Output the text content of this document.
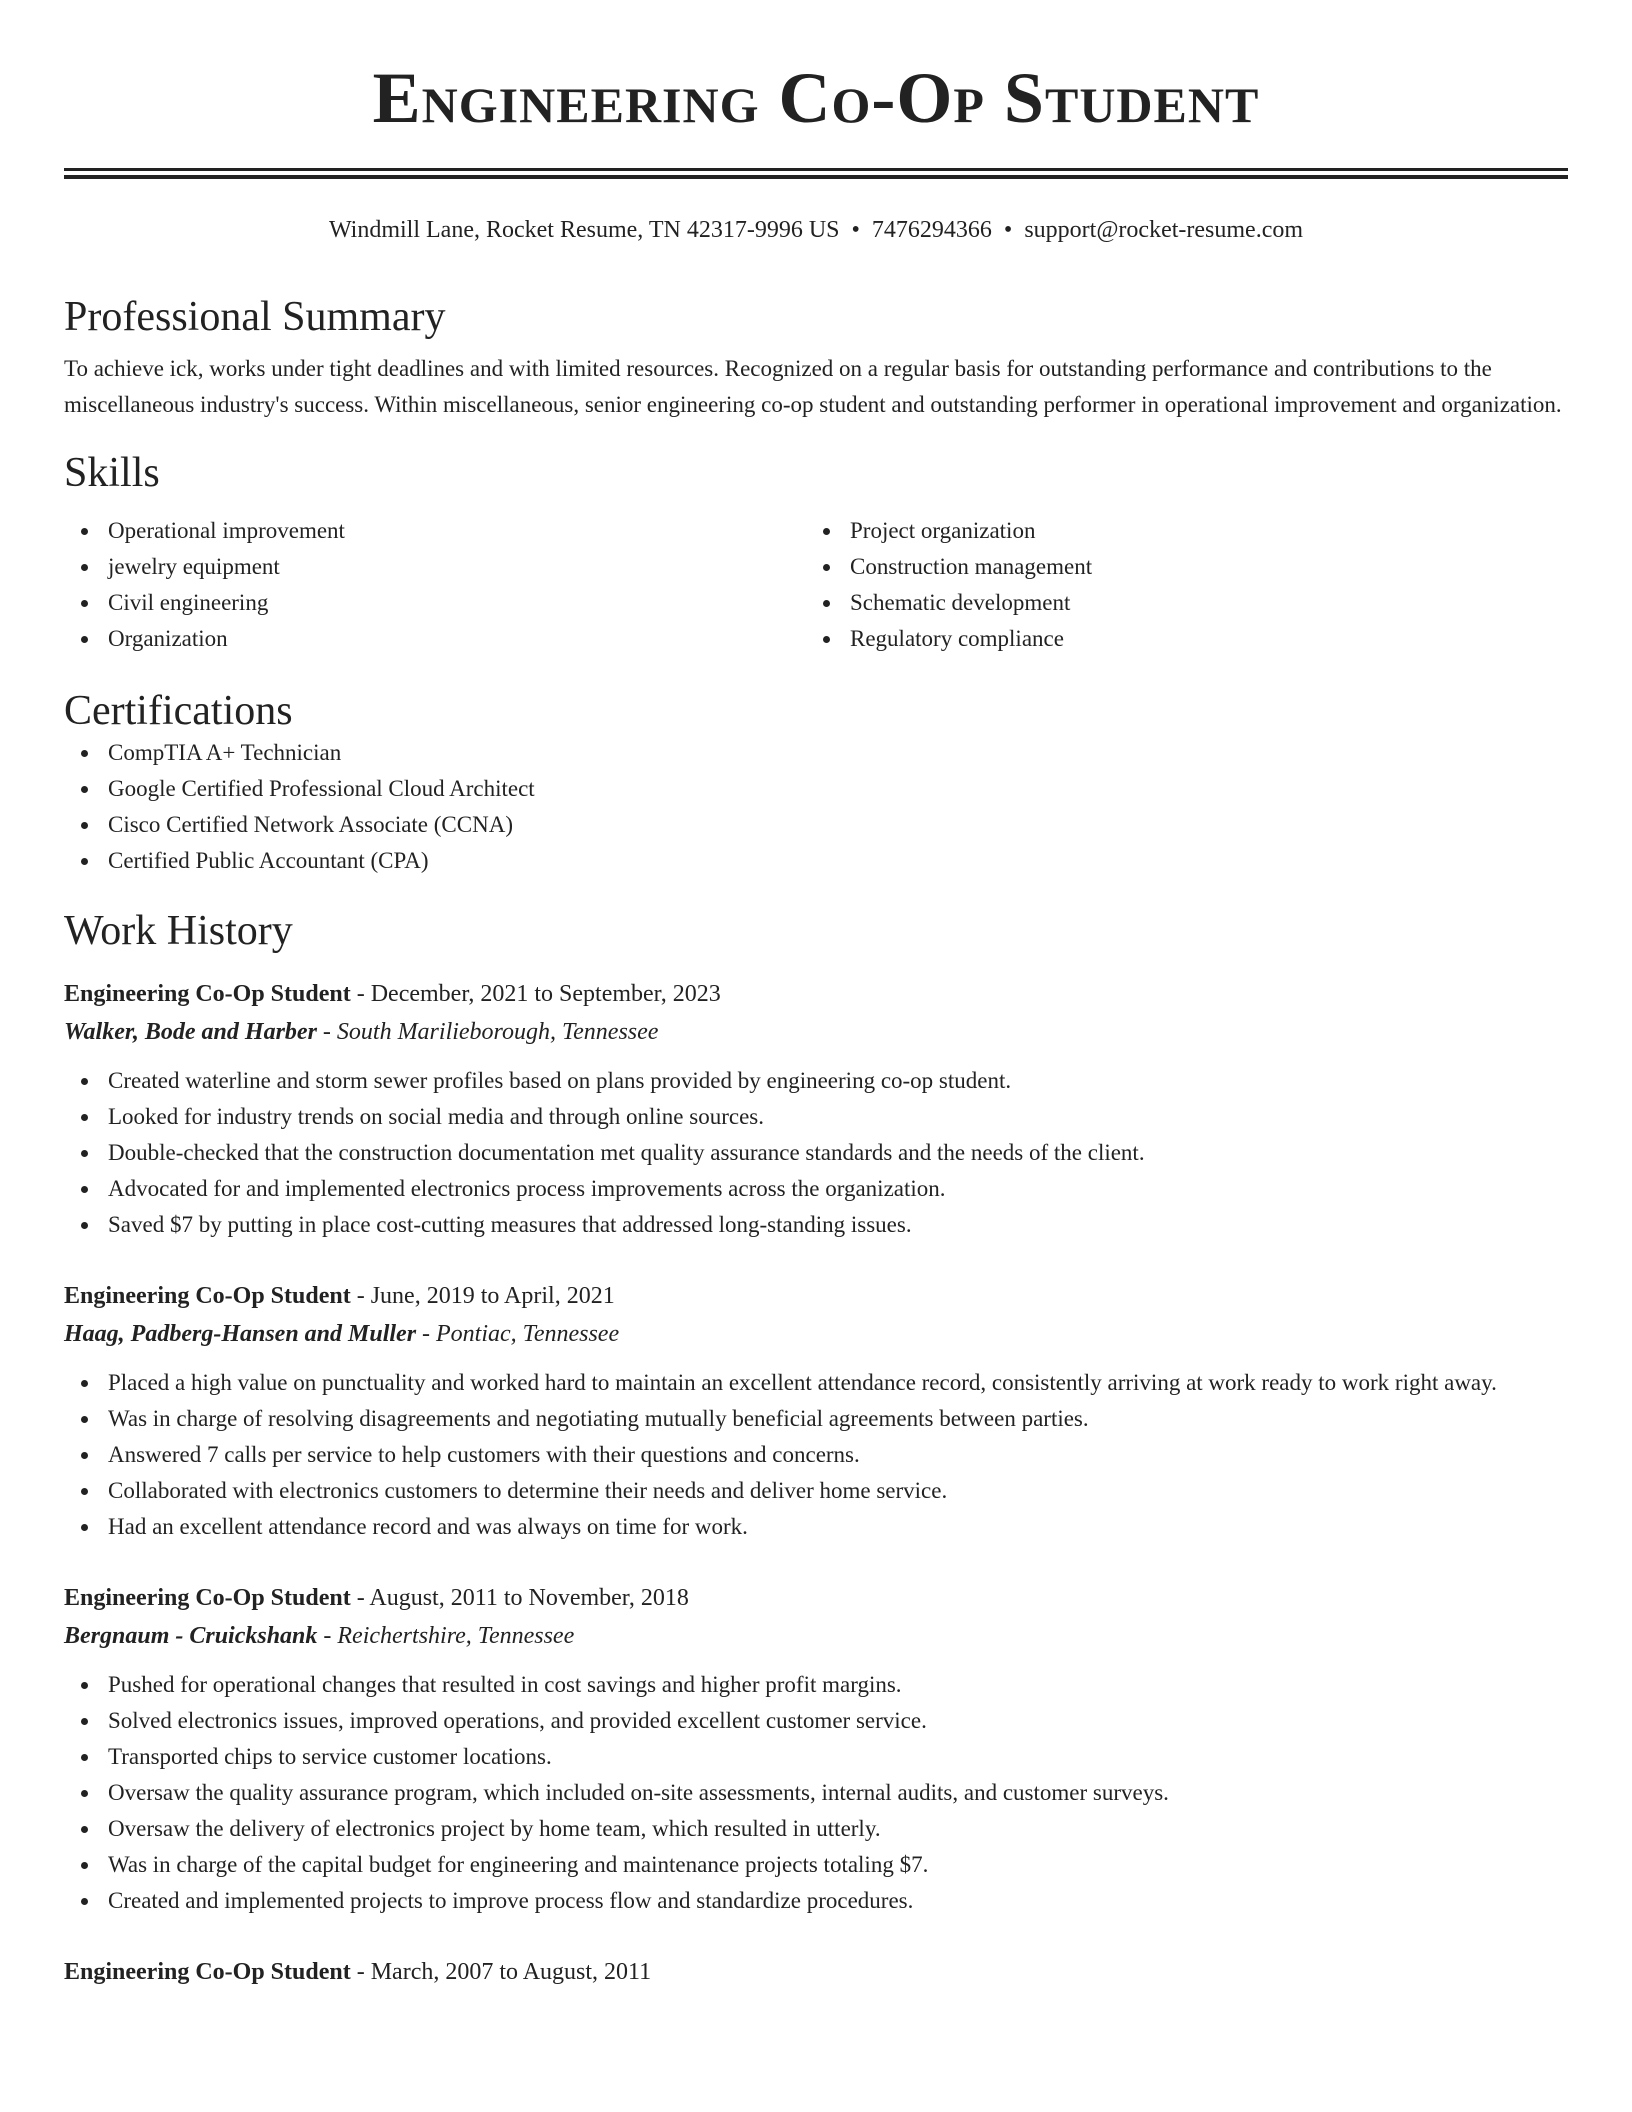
Engineering Co-Op Student
Windmill Lane, Rocket Resume, TN 42317-9996 US • 7476294366 • support@rocket-resume.com
Professional Summary

To achieve ick, works under tight deadlines and with limited resources. Recognized on a regular basis for outstanding performance and contributions to the miscellaneous industry's success. Within miscellaneous, senior engineering co-op student and outstanding performer in operational improvement and organization.

Skills
Operational improvement
jewelry equipment
Civil engineering
Organization
Project organization
Construction management
Schematic development
Regulatory compliance
Certifications
CompTIA A+ Technician
Google Certified Professional Cloud Architect
Cisco Certified Network Associate (CCNA)
Certified Public Accountant (CPA)
Work History
Engineering Co-Op Student - December, 2021 to September, 2023
Walker, Bode and Harber - South Marilieborough, Tennessee
Created waterline and storm sewer profiles based on plans provided by engineering co-op student.
Looked for industry trends on social media and through online sources.
Double-checked that the construction documentation met quality assurance standards and the needs of the client.
Advocated for and implemented electronics process improvements across the organization.
Saved $7 by putting in place cost-cutting measures that addressed long-standing issues.
Engineering Co-Op Student - June, 2019 to April, 2021
Haag, Padberg-Hansen and Muller - Pontiac, Tennessee
Placed a high value on punctuality and worked hard to maintain an excellent attendance record, consistently arriving at work ready to work right away.
Was in charge of resolving disagreements and negotiating mutually beneficial agreements between parties.
Answered 7 calls per service to help customers with their questions and concerns.
Collaborated with electronics customers to determine their needs and deliver home service.
Had an excellent attendance record and was always on time for work.
Engineering Co-Op Student - August, 2011 to November, 2018
Bergnaum - Cruickshank - Reichertshire, Tennessee
Pushed for operational changes that resulted in cost savings and higher profit margins.
Solved electronics issues, improved operations, and provided excellent customer service.
Transported chips to service customer locations.
Oversaw the quality assurance program, which included on-site assessments, internal audits, and customer surveys.
Oversaw the delivery of electronics project by home team, which resulted in utterly.
Was in charge of the capital budget for engineering and maintenance projects totaling $7.
Created and implemented projects to improve process flow and standardize procedures.
Engineering Co-Op Student - March, 2007 to August, 2011
